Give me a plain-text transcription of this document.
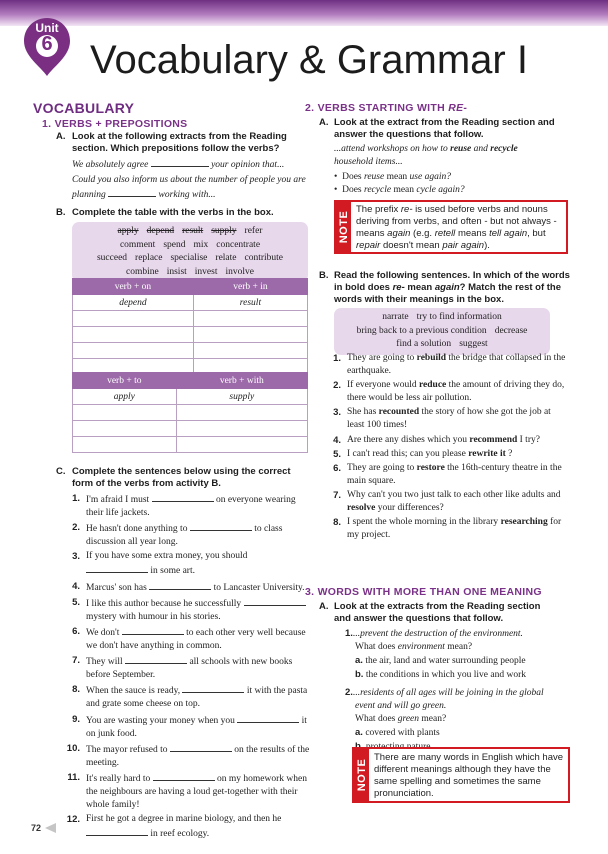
Unit
6 Vocabulary & Grammar I
VOCABULARY
1. VERBS + PREPOSITIONS
A. Look at the following extracts from the Reading
section. Which prepositions follow the verbs?
We absolutely agree	your opinion that...
Could you also inform us about the number of people you are
planning	working with...
B. Complete the table with the verbs in the box.
apply depend result supply refer
comment spend mix concentrate
succeed replace specialise relate contribute
combine insist invest involve
verb + on	verb + in
depend	result

verb + to	verb + with
apply	supply

C. Complete the sentences below using the correct
form of the verbs from activity B.
1. I'm afraid I must	on everyone wearing their life jackets.
2. He hasn't done anything to	to class discussion all year long.
3. If you have some extra money, you should  in some art.
4. Marcus' son has	to Lancaster University.
5. I like this author because he successfully  mystery with humour in his stories.
6. We don't	to each other very well because we don't have anything in common.
7. They will	all schools with new books before September.
8. When the sauce is ready,	it with the pasta and grate some cheese on top.
9. You are wasting your money when you	it on junk food.
10. The mayor refused to	on the results of the meeting.
11. It's really hard to	on my homework when the neighbours are having a loud get-together with their whole family!
12. First he got a degree in marine biology, and then he  in reef ecology.
2. VERBS STARTING WITH RE-
A. Look at the extract from the Reading section and
answer the questions that follow.
...attend workshops on how to reuse and recycle
household items...
•  Does reuse mean use again?
•  Does recycle mean cycle again?
NOTE
The prefix re- is used before verbs and nouns deriving from verbs, and often - but not always - means again (e.g. retell means tell again, but repair doesn't mean pair again).
B. Read the following sentences. In which of the words
in bold does re- mean again? Match the rest of the
words with their meanings in the box.
narrate try to find information
bring back to a previous condition decrease
find a solution suggest
1. They are going to rebuild the bridge that collapsed in the earthquake.
2. If everyone would reduce the amount of driving they do, there would be less air pollution.
3. She has recounted the story of how she got the job at least 100 times!
4. Are there any dishes which you recommend I try?
5. I can't read this; can you please rewrite it ?
6. They are going to restore the 16th-century theatre in the main square.
7. Why can't you two just talk to each other like adults and resolve your differences?
8. I spent the whole morning in the library researching for my project.
3. WORDS WITH MORE THAN ONE MEANING
A. Look at the extracts from the Reading section
and answer the questions that follow.
1....prevent the destruction of the environment.
What does environment mean?
a. the air, land and water surrounding people
b. the conditions in which you live and work
2....residents of all ages will be joining in the global
event and will go green.
What does green mean?
a. covered with plants
NOTE
There are many words in English which have different meanings although they have the same spelling and sometimes the same pronunciation.
72
